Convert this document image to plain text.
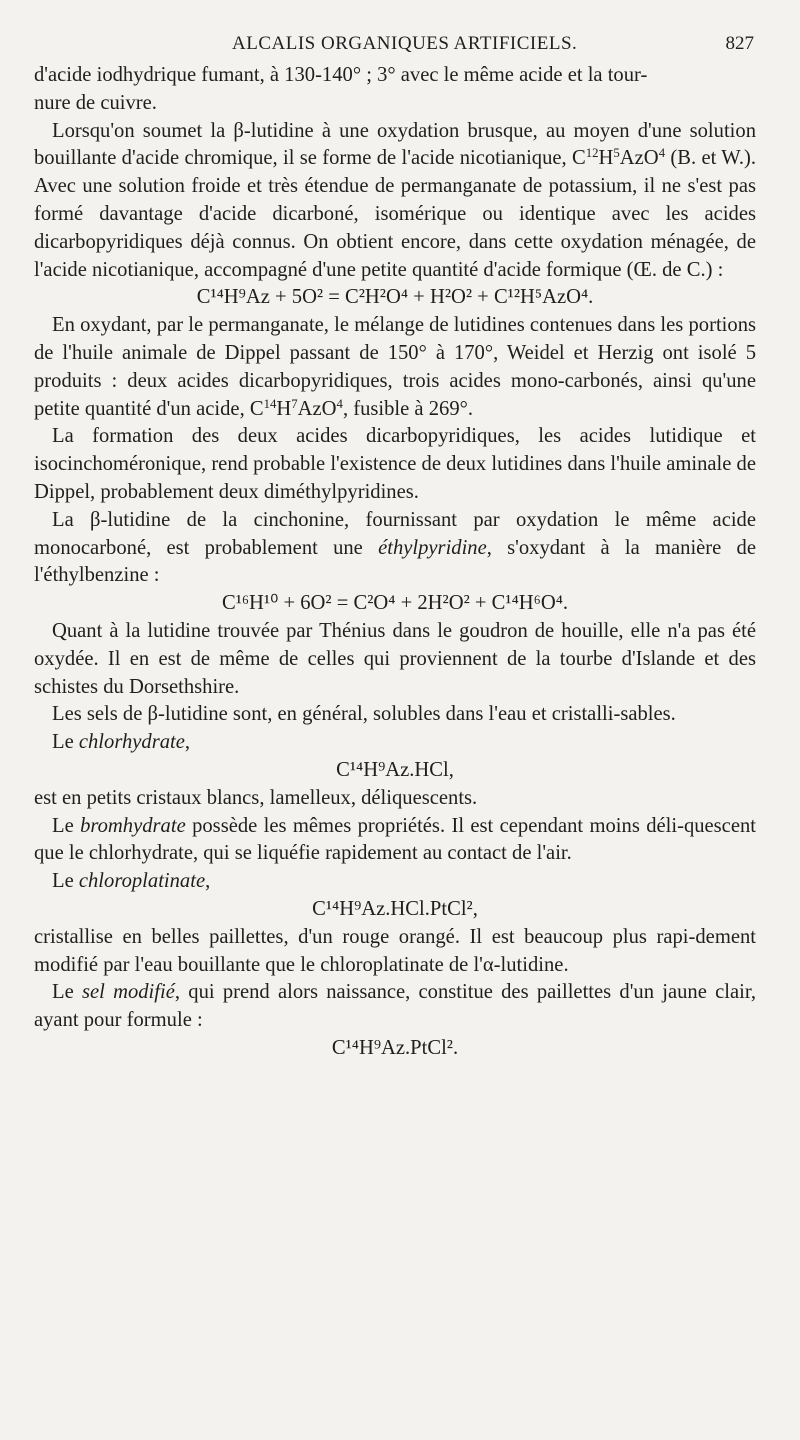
ALCALIS ORGANIQUES ARTIFICIELS.	827

d'acide iodhydrique fumant, à 130-140° ; 3° avec le même acide et la tour-
nure de cuivre.

Lorsqu'on soumet la β-lutidine à une oxydation brusque, au moyen d'une solution bouillante d'acide chromique, il se forme de l'acide nicotianique, $C^{12}H^5AzO^4$ (B. et W.). Avec une solution froide et très étendue de permanganate de potassium, il ne s'est pas formé davantage d'acide dicarboné, isomérique ou identique avec les acides dicarbopyridiques déjà connus. On obtient encore, dans cette oxydation ménagée, de l'acide nicotianique, accompagné d'une petite quantité d'acide formique (Œ. de C.) :

C¹⁴H⁹Az + 5O² = C²H²O⁴ + H²O² + C¹²H⁵AzO⁴.

En oxydant, par le permanganate, le mélange de lutidines contenues dans les portions de l'huile animale de Dippel passant de 150° à 170°, Weidel et Herzig ont isolé 5 produits : deux acides dicarbopyridiques, trois acides mono-carbonés, ainsi qu'une petite quantité d'un acide, $C^{14}H^7AzO^4$, fusible à 269°.

La formation des deux acides dicarbopyridiques, les acides lutidique et isocinchoméronique, rend probable l'existence de deux lutidines dans l'huile aminale de Dippel, probablement deux diméthylpyridines.

La β-lutidine de la cinchonine, fournissant par oxydation le même acide monocarboné, est probablement une éthylpyridine, s'oxydant à la manière de l'éthylbenzine :

C¹⁶H¹⁰ + 6O² = C²O⁴ + 2H²O² + C¹⁴H⁶O⁴.

Quant à la lutidine trouvée par Thénius dans le goudron de houille, elle n'a pas été oxydée. Il en est de même de celles qui proviennent de la tourbe d'Islande et des schistes du Dorsethshire.

Les sels de β-lutidine sont, en général, solubles dans l'eau et cristalli-sables.

Le chlorhydrate,

C¹⁴H⁹Az.HCl,

est en petits cristaux blancs, lamelleux, déliquescents.

Le bromhydrate possède les mêmes propriétés. Il est cependant moins déli-quescent que le chlorhydrate, qui se liquéfie rapidement au contact de l'air.

Le chloroplatinate,

C¹⁴H⁹Az.HCl.PtCl²,

cristallise en belles paillettes, d'un rouge orangé. Il est beaucoup plus rapi-dement modifié par l'eau bouillante que le chloroplatinate de l'α-lutidine.

Le sel modifié, qui prend alors naissance, constitue des paillettes d'un jaune clair, ayant pour formule :

C¹⁴H⁹Az.PtCl².
